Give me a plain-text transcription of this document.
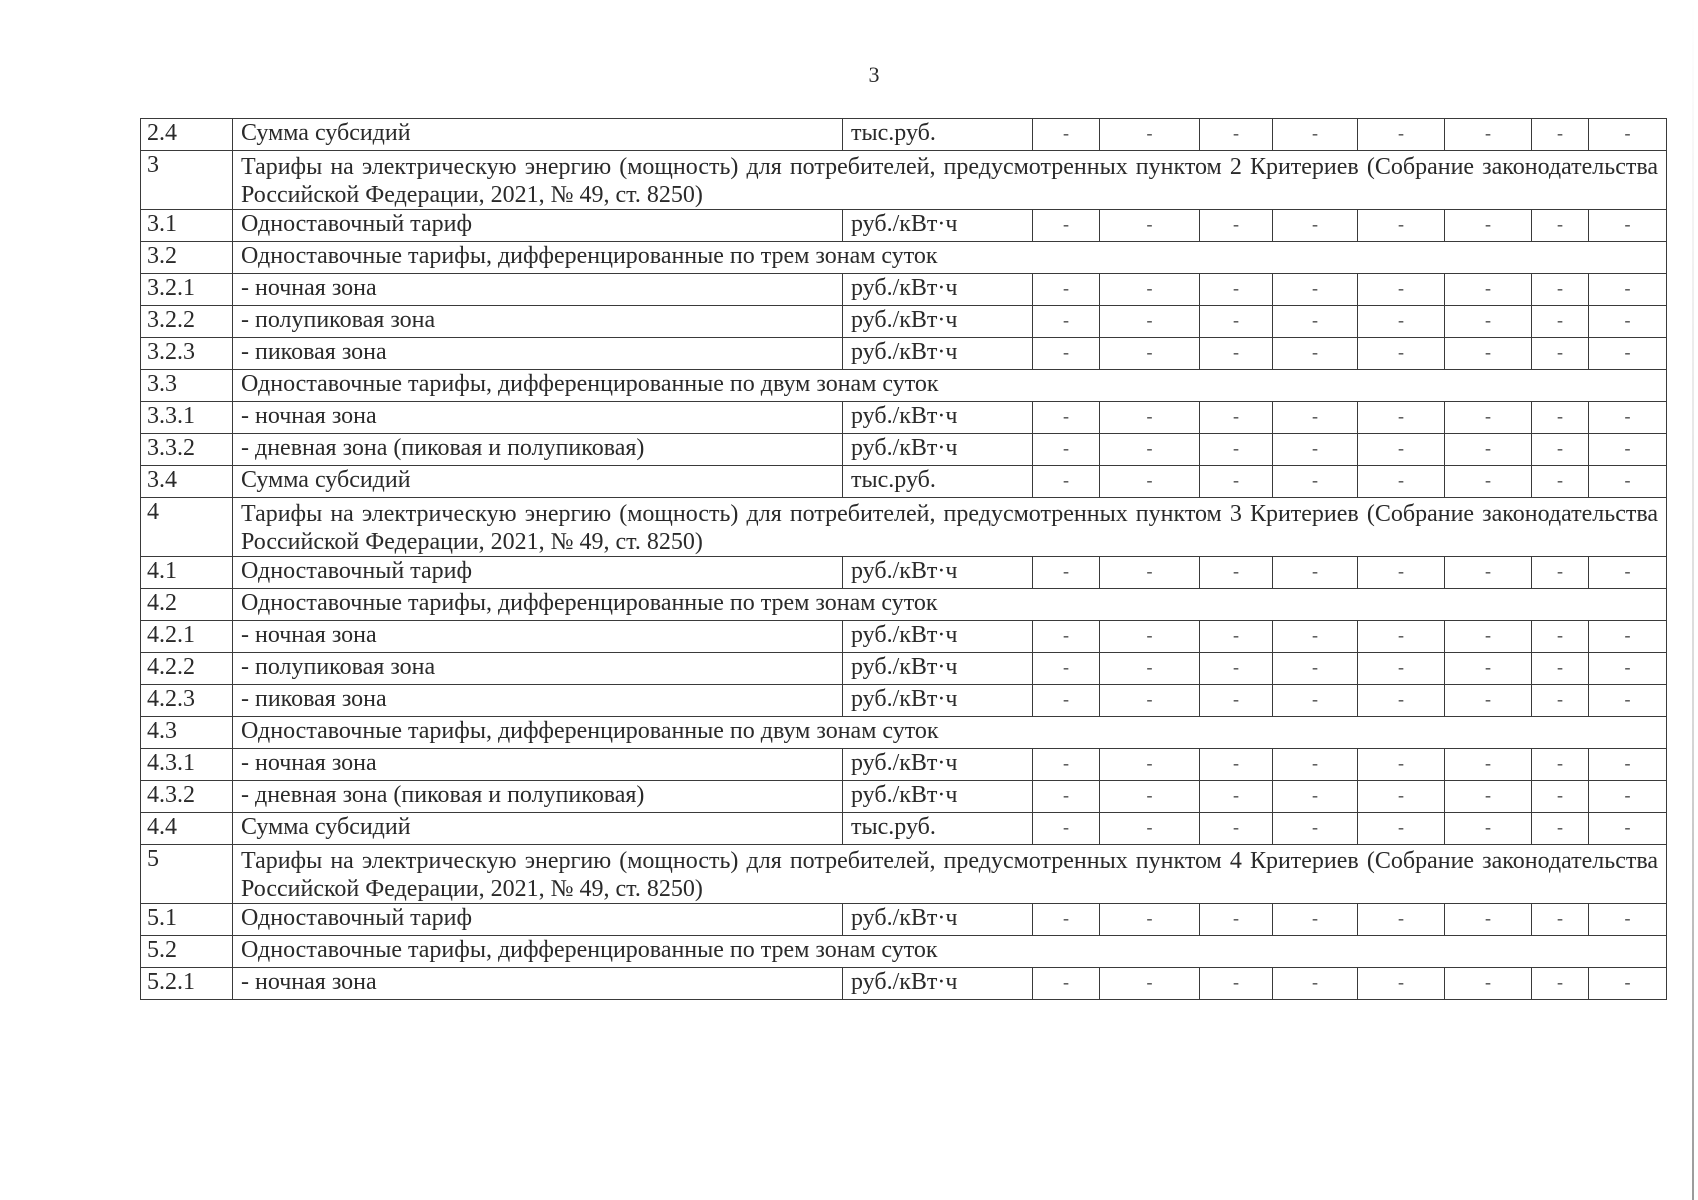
3
2.4	Сумма субсидий	тыс.руб.	-	-	-	-	-	-	-	-
3	Тарифы на электрическую энергию (мощность) для потребителей, предусмотренных пунктом 2 Критериев (Собрание законодательства Российской Федерации, 2021, № 49, ст. 8250)									
3.1	Одноставочный тариф	руб./кВт·ч	-	-	-	-	-	-	-	-
3.2	Одноставочные тарифы, дифференцированные по трем зонам суток									
3.2.1	- ночная зона	руб./кВт·ч	-	-	-	-	-	-	-	-
3.2.2	- полупиковая зона	руб./кВт·ч	-	-	-	-	-	-	-	-
3.2.3	- пиковая зона	руб./кВт·ч	-	-	-	-	-	-	-	-
3.3	Одноставочные тарифы, дифференцированные по двум зонам суток									
3.3.1	- ночная зона	руб./кВт·ч	-	-	-	-	-	-	-	-
3.3.2	- дневная зона (пиковая и полупиковая)	руб./кВт·ч	-	-	-	-	-	-	-	-
3.4	Сумма субсидий	тыс.руб.	-	-	-	-	-	-	-	-
4	Тарифы на электрическую энергию (мощность) для потребителей, предусмотренных пунктом 3 Критериев (Собрание законодательства Российской Федерации, 2021, № 49, ст. 8250)									
4.1	Одноставочный тариф	руб./кВт·ч	-	-	-	-	-	-	-	-
4.2	Одноставочные тарифы, дифференцированные по трем зонам суток									
4.2.1	- ночная зона	руб./кВт·ч	-	-	-	-	-	-	-	-
4.2.2	- полупиковая зона	руб./кВт·ч	-	-	-	-	-	-	-	-
4.2.3	- пиковая зона	руб./кВт·ч	-	-	-	-	-	-	-	-
4.3	Одноставочные тарифы, дифференцированные по двум зонам суток									
4.3.1	- ночная зона	руб./кВт·ч	-	-	-	-	-	-	-	-
4.3.2	- дневная зона (пиковая и полупиковая)	руб./кВт·ч	-	-	-	-	-	-	-	-
4.4	Сумма субсидий	тыс.руб.	-	-	-	-	-	-	-	-
5	Тарифы на электрическую энергию (мощность) для потребителей, предусмотренных пунктом 4 Критериев (Собрание законодательства Российской Федерации, 2021, № 49, ст. 8250)									
5.1	Одноставочный тариф	руб./кВт·ч	-	-	-	-	-	-	-	-
5.2	Одноставочные тарифы, дифференцированные по трем зонам суток									
5.2.1	- ночная зона	руб./кВт·ч	-	-	-	-	-	-	-	-
